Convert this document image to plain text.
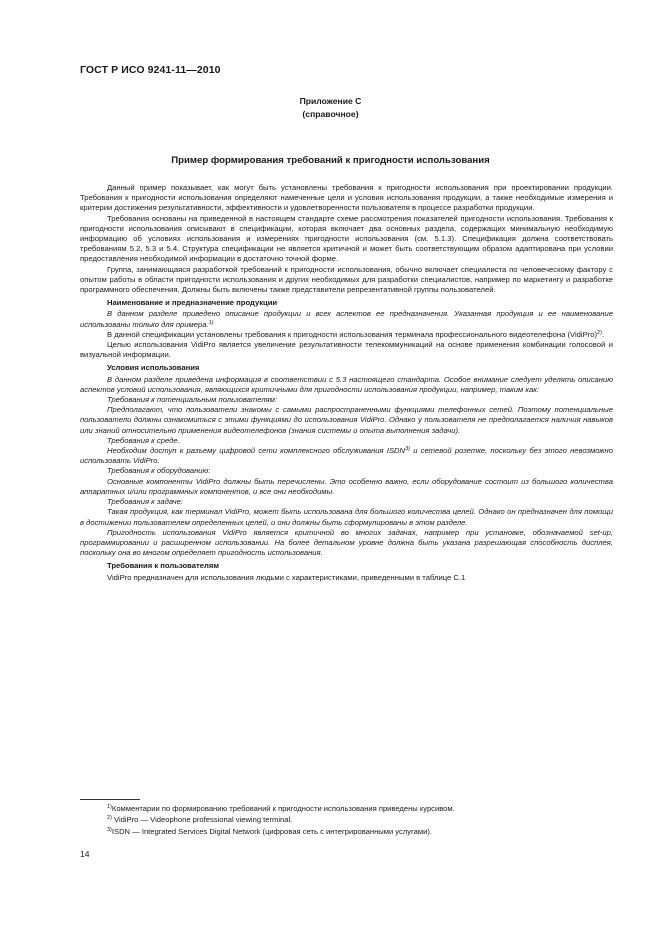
ГОСТ Р ИСО 9241-11—2010
Приложение С
(справочное)
Пример формирования требований к пригодности использования

Данный пример показывает, как могут быть установлены требования к пригодности использования при проектировании продукции. Требования к пригодности использования определяют намеченные цели и условия использования продукции, а также необходимые измерения и критерии достижения результативности, эффективности и удовлетворенности пользователя в процессе разработки продукции.

Требования основаны на приведенной в настоящем стандарте схеме рассмотрения показателей пригодности использования. Требования к пригодности использования описывают в спецификации, которая включает два основных раздела, содержащих минимальную необходимую информацию об условиях использования и измерениях пригодности использования (см. 5.1.3). Спецификация должна соответствовать требованиям 5.2, 5.3 и 5.4. Структура спецификации не является критичной и может быть соответствующим образом адаптирована при условии предоставления необходимой информации в достаточно точной форме.

Группа, занимающаяся разработкой требований к пригодности использования, обычно включает специалиста по человеческому фактору с опытом работы в области пригодности использования и других необходимых для разработки специалистов, например по маркетингу и разработке программного обеспечения. Должны быть включены также представители репрезентативной группы пользователей.

Наименование и предназначение продукции

В данном разделе приведено описание продукции и всех аспектов ее предназначения. Указанная продукция и ее наименование использованы только для примера.$^{1)}$

В данной спецификации установлены требования к пригодности использования терминала профессионального видеотелефона (VidiPro)$^{2)}$.

Целью использования VidiPro является увеличение результативности телекоммуникаций на основе применения комбинации голосовой и визуальной информации.

Условия использования

В данном разделе приведена информация в соответствии с 5.3 настоящего стандарта. Особое внимание следует уделять описанию аспектов условий использования, являющихся критичными для пригодности использования продукции, например, таким как:

Требования к потенциальным пользователям:

Предполагают, что пользователи знакомы с самыми распространенными функциями телефонных сетей. Поэтому потенциальные пользователи должны ознакомиться с этими функциями до использования VidiPro. Однако у пользователя не предполагается наличия навыков или знаний относительно применения видеотелефонов (знания системы и опыта выполнения задачи).

Требования к среде.

Необходим доступ к разъему цифровой сети комплексного обслуживания ISDN$^{3)}$ и сетевой розетке, поскольку без этого невозможно использовать VidiPro.

Требования к оборудованию:

Основные компоненты VidiPro должны быть перечислены. Это особенно важно, если оборудование состоит из большого количества аппаратных и/или программных компонентов, и все они необходимы.

Требования к задаче:

Такая продукция, как терминал VidiPro, может быть использована для большого количества целей. Однако он предназначен для помощи в достижении пользователем определенных целей, и они должны быть сформулированы в этом разделе.

Пригодность использования VidiPro является критичной во многих задачах, например при установке, обозначаемой set-up, программировании и расширенном использовании. На более детальном уровне должна быть указана разрешающая способность дисплея, поскольку она во многом определяет пригодность использования.

Требования к пользователям

VidiPro предназначен для использования людьми с характеристиками, приведенными в таблице С.1

$^{1)}$Комментарии по формированию требований к пригодности использования приведены курсивом.
$^{2)}$ VidiPro — Videophone professional viewing terminal.
$^{3)}$ISDN — Integrated Services Digital Network (цифровая сеть с интегрированными услугами).
14
